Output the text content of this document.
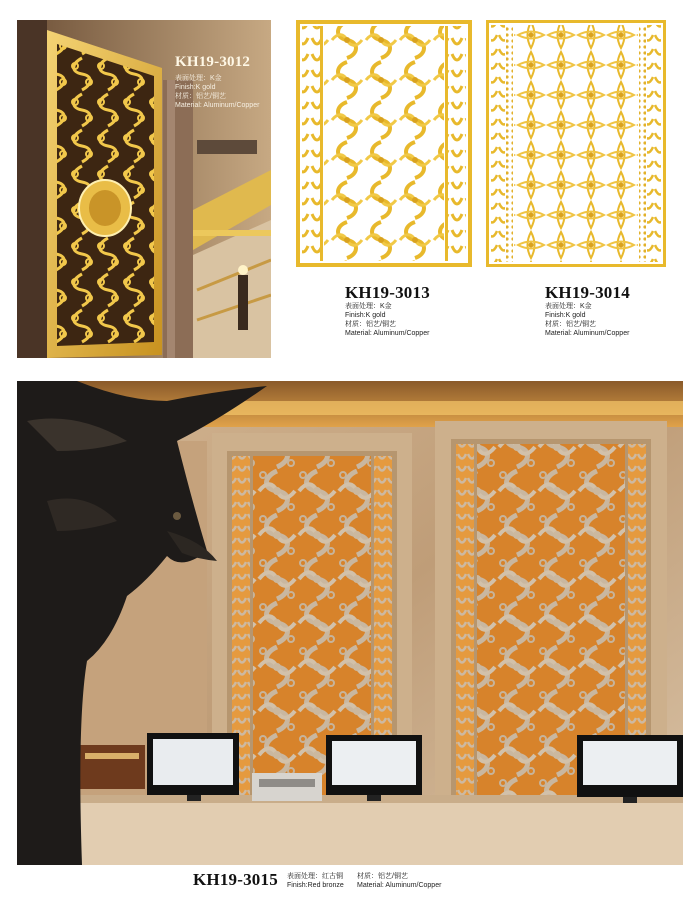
KH19-3012
表面处理：K金
Finish:K gold
材质：铝艺/铜艺
Material: Aluminum/Copper
KH19-3013
表面处理：K金
Finish:K gold
材质：铝艺/铜艺
Material: Aluminum/Copper
KH19-3014
表面处理：K金
Finish:K gold
材质：铝艺/铜艺
Material: Aluminum/Copper
KH19-3015 表面处理：红古铜
Finish:Red bronze
材质：铝艺/铜艺
Material: Aluminum/Copper
